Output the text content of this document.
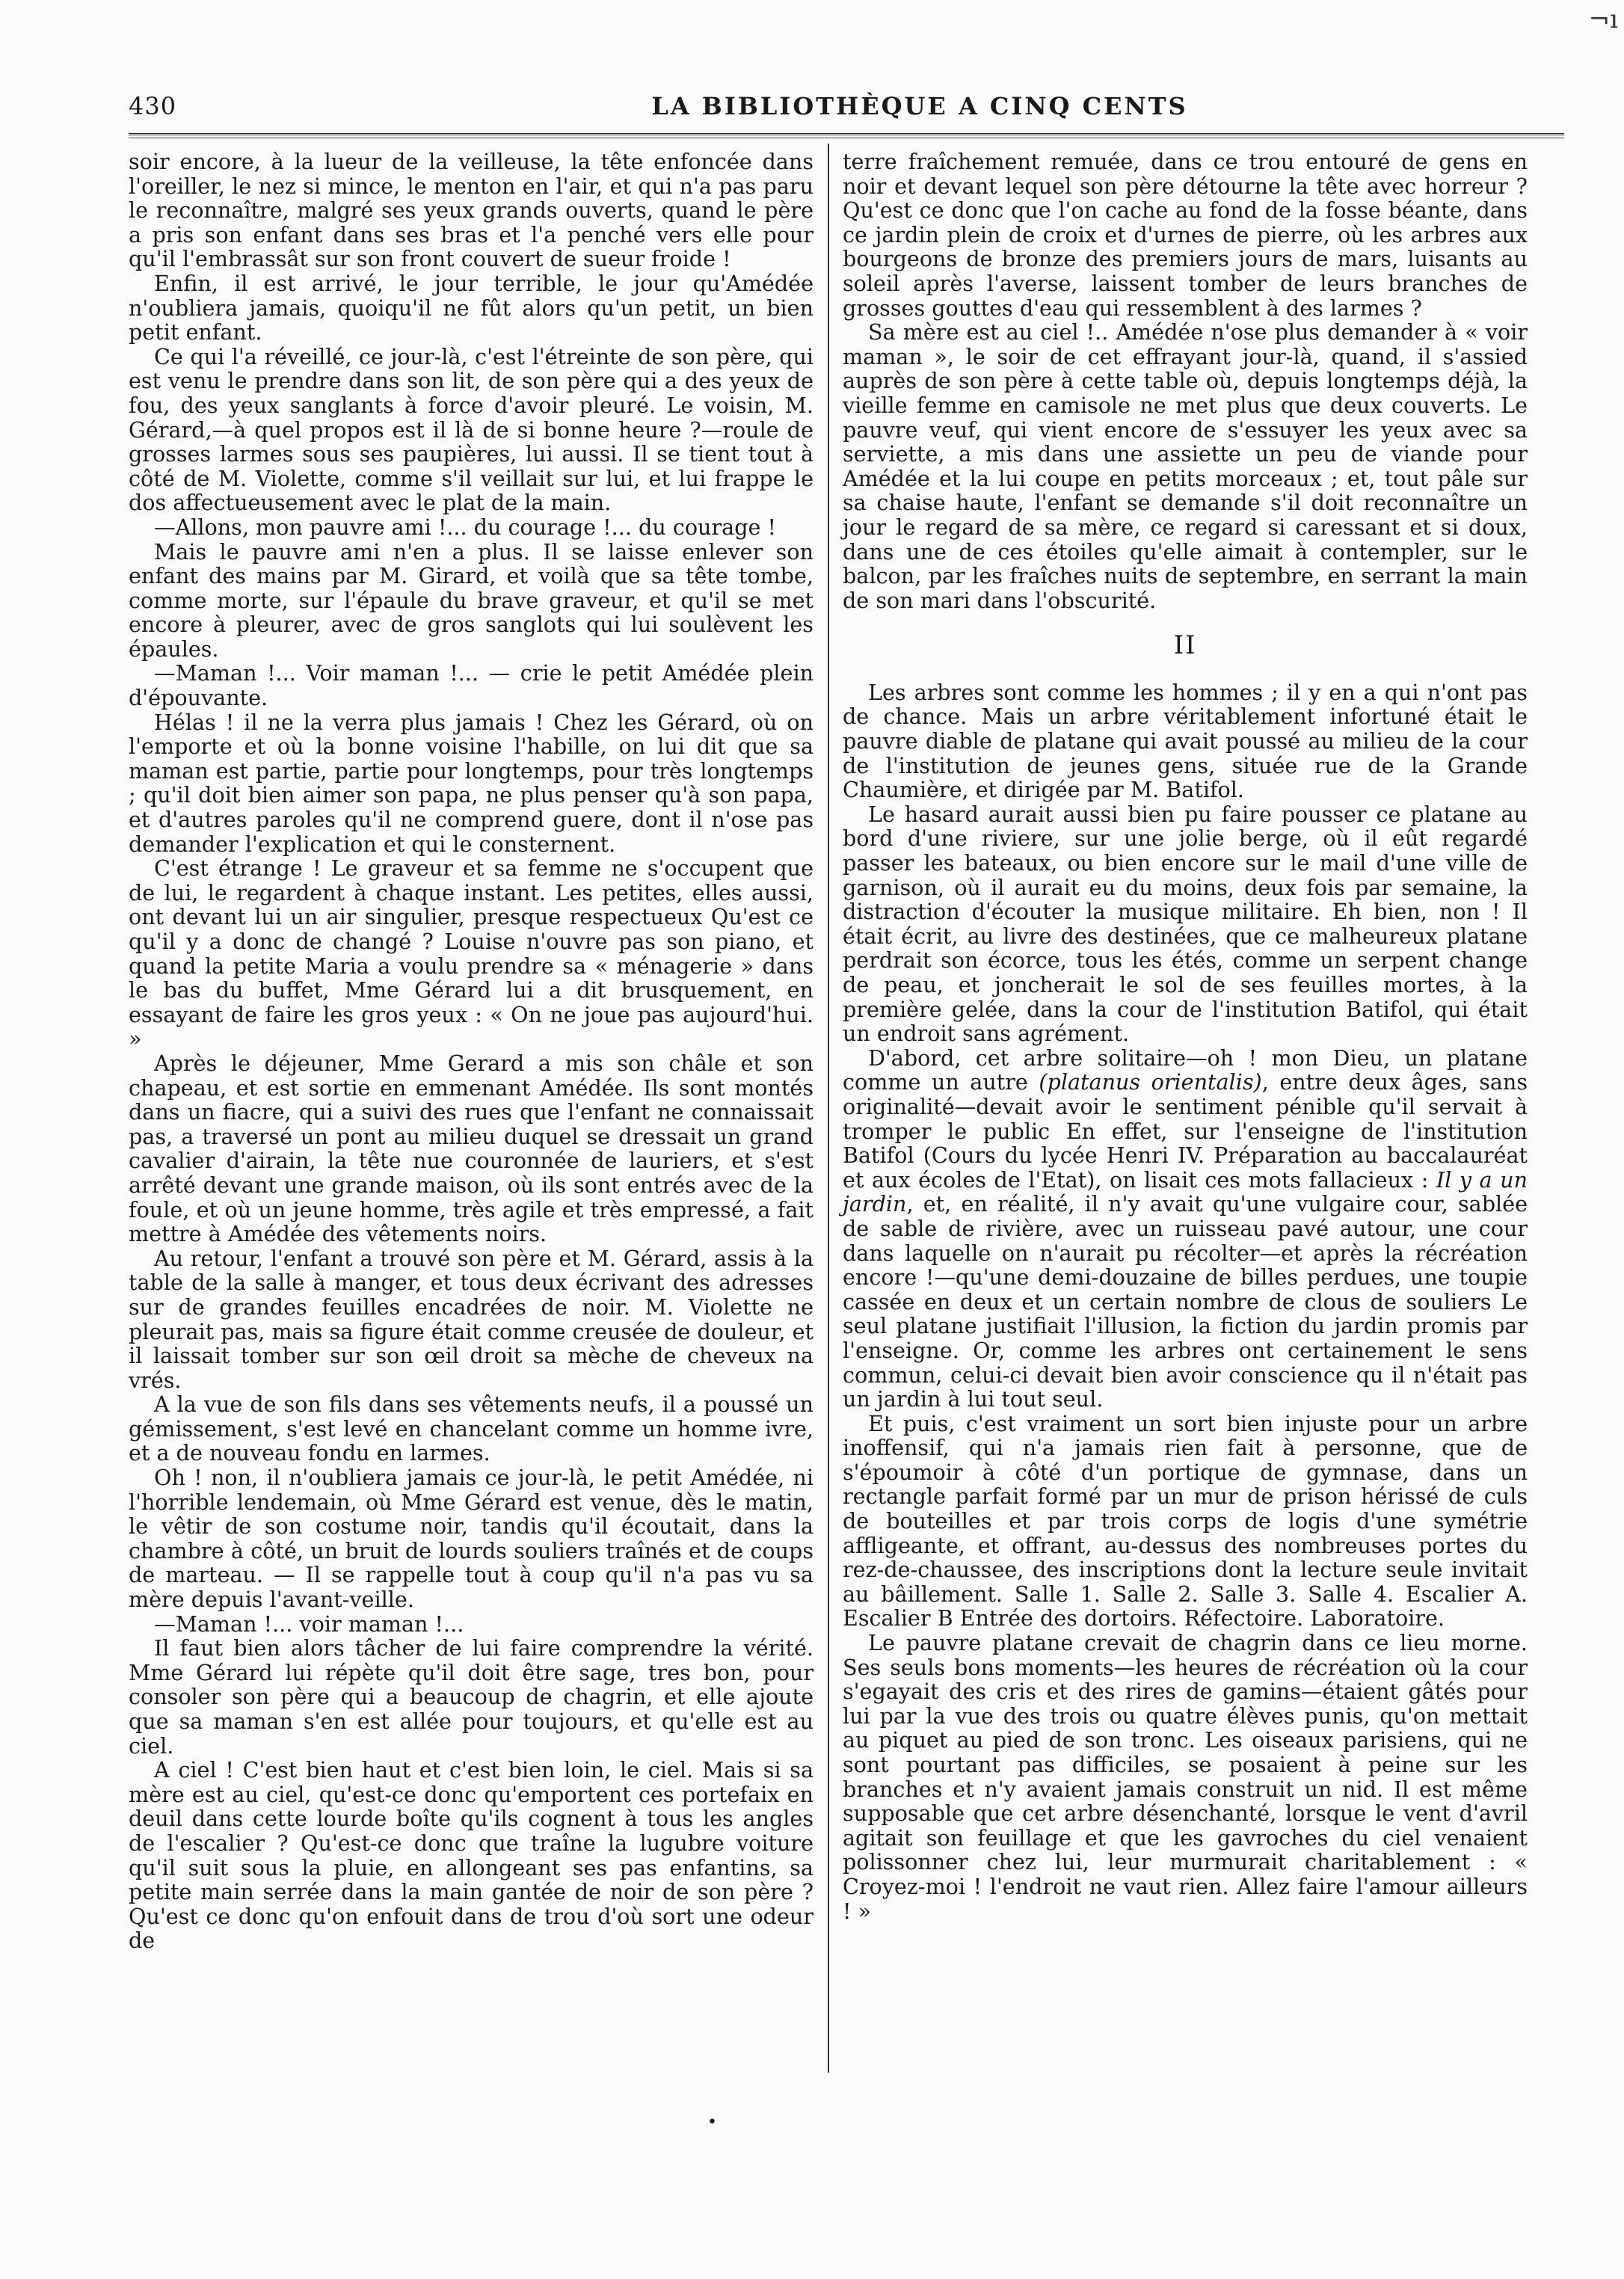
¬ı
430	LA BIBLIOTHÈQUE A CINQ CENTS

soir encore, à la lueur de la veilleuse, la tête enfoncée dans l'oreiller, le nez si mince, le menton en l'air, et qui n'a pas paru le reconnaître, malgré ses yeux grands ouverts, quand le père a pris son enfant dans ses bras et l'a penché vers elle pour qu'il l'embrassât sur son front couvert de sueur froide !

Enfin, il est arrivé, le jour terrible, le jour qu'Amédée n'oubliera jamais, quoiqu'il ne fût alors qu'un petit, un bien petit enfant.

Ce qui l'a réveillé, ce jour-là, c'est l'étreinte de son père, qui est venu le prendre dans son lit, de son père qui a des yeux de fou, des yeux sanglants à force d'avoir pleuré. Le voisin, M. Gérard,—à quel propos est il là de si bonne heure ?—roule de grosses larmes sous ses paupières, lui aussi. Il se tient tout à côté de M. Violette, comme s'il veillait sur lui, et lui frappe le dos affectueusement avec le plat de la main.

—Allons, mon pauvre ami !... du courage !... du courage !

Mais le pauvre ami n'en a plus. Il se laisse enlever son enfant des mains par M. Girard, et voilà que sa tête tombe, comme morte, sur l'épaule du brave graveur, et qu'il se met encore à pleurer, avec de gros sanglots qui lui soulèvent les épaules.

—Maman !... Voir maman !... — crie le petit Amédée plein d'épouvante.

Hélas ! il ne la verra plus jamais ! Chez les Gérard, où on l'emporte et où la bonne voisine l'habille, on lui dit que sa maman est partie, partie pour longtemps, pour très longtemps ; qu'il doit bien aimer son papa, ne plus penser qu'à son papa, et d'autres paroles qu'il ne comprend guere, dont il n'ose pas demander l'explication et qui le consternent.

C'est étrange ! Le graveur et sa femme ne s'occupent que de lui, le regardent à chaque instant. Les petites, elles aussi, ont devant lui un air singulier, presque respectueux Qu'est ce qu'il y a donc de changé ? Louise n'ouvre pas son piano, et quand la petite Maria a voulu prendre sa « ménagerie » dans le bas du buffet, Mme Gérard lui a dit brusquement, en essayant de faire les gros yeux : « On ne joue pas aujourd'hui. »

Après le déjeuner, Mme Gerard a mis son châle et son chapeau, et est sortie en emmenant Amédée. Ils sont montés dans un fiacre, qui a suivi des rues que l'enfant ne connaissait pas, a traversé un pont au milieu duquel se dressait un grand cavalier d'airain, la tête nue couronnée de lauriers, et s'est arrêté devant une grande maison, où ils sont entrés avec de la foule, et où un jeune homme, très agile et très empressé, a fait mettre à Amédée des vêtements noirs.

Au retour, l'enfant a trouvé son père et M. Gérard, assis à la table de la salle à manger, et tous deux écrivant des adresses sur de grandes feuilles encadrées de noir. M. Violette ne pleurait pas, mais sa figure était comme creusée de douleur, et il laissait tomber sur son œil droit sa mèche de cheveux na vrés.

A la vue de son fils dans ses vêtements neufs, il a poussé un gémissement, s'est levé en chancelant comme un homme ivre, et a de nouveau fondu en larmes.

Oh ! non, il n'oubliera jamais ce jour-là, le petit Amédée, ni l'horrible lendemain, où Mme Gérard est venue, dès le matin, le vêtir de son costume noir, tandis qu'il écoutait, dans la chambre à côté, un bruit de lourds souliers traînés et de coups de marteau. — Il se rappelle tout à coup qu'il n'a pas vu sa mère depuis l'avant-veille.

—Maman !... voir maman !...

Il faut bien alors tâcher de lui faire comprendre la vérité. Mme Gérard lui répète qu'il doit être sage, tres bon, pour consoler son père qui a beaucoup de chagrin, et elle ajoute que sa maman s'en est allée pour toujours, et qu'elle est au ciel.

A ciel ! C'est bien haut et c'est bien loin, le ciel. Mais si sa mère est au ciel, qu'est-ce donc qu'emportent ces portefaix en deuil dans cette lourde boîte qu'ils cognent à tous les angles de l'escalier ? Qu'est-ce donc que traîne la lugubre voiture qu'il suit sous la pluie, en allongeant ses pas enfantins, sa petite main serrée dans la main gantée de noir de son père ? Qu'est ce donc qu'on enfouit dans de trou d'où sort une odeur de

terre fraîchement remuée, dans ce trou entouré de gens en noir et devant lequel son père détourne la tête avec horreur ? Qu'est ce donc que l'on cache au fond de la fosse béante, dans ce jardin plein de croix et d'urnes de pierre, où les arbres aux bourgeons de bronze des premiers jours de mars, luisants au soleil après l'averse, laissent tomber de leurs branches de grosses gouttes d'eau qui ressemblent à des larmes ?

Sa mère est au ciel !.. Amédée n'ose plus demander à « voir maman », le soir de cet effrayant jour-là, quand, il s'assied auprès de son père à cette table où, depuis longtemps déjà, la vieille femme en camisole ne met plus que deux couverts. Le pauvre veuf, qui vient encore de s'essuyer les yeux avec sa serviette, a mis dans une assiette un peu de viande pour Amédée et la lui coupe en petits morceaux ; et, tout pâle sur sa chaise haute, l'enfant se demande s'il doit reconnaître un jour le regard de sa mère, ce regard si caressant et si doux, dans une de ces étoiles qu'elle aimait à contempler, sur le balcon, par les fraîches nuits de septembre, en serrant la main de son mari dans l'obscurité.

II

Les arbres sont comme les hommes ; il y en a qui n'ont pas de chance. Mais un arbre véritablement infortuné était le pauvre diable de platane qui avait poussé au milieu de la cour de l'institution de jeunes gens, située rue de la Grande Chaumière, et dirigée par M. Batifol.

Le hasard aurait aussi bien pu faire pousser ce platane au bord d'une riviere, sur une jolie berge, où il eût regardé passer les bateaux, ou bien encore sur le mail d'une ville de garnison, où il aurait eu du moins, deux fois par semaine, la distraction d'écouter la musique militaire. Eh bien, non ! Il était écrit, au livre des destinées, que ce malheureux platane perdrait son écorce, tous les étés, comme un serpent change de peau, et joncherait le sol de ses feuilles mortes, à la première gelée, dans la cour de l'institution Batifol, qui était un endroit sans agrément.

D'abord, cet arbre solitaire—oh ! mon Dieu, un platane comme un autre (platanus orientalis), entre deux âges, sans originalité—devait avoir le sentiment pénible qu'il servait à tromper le public En effet, sur l'enseigne de l'institution Batifol (Cours du lycée Henri IV. Préparation au baccalauréat et aux écoles de l'Etat), on lisait ces mots fallacieux : Il y a un jardin, et, en réalité, il n'y avait qu'une vulgaire cour, sablée de sable de rivière, avec un ruisseau pavé autour, une cour dans laquelle on n'aurait pu récolter—et après la récréation encore !—qu'une demi-douzaine de billes perdues, une toupie cassée en deux et un certain nombre de clous de souliers Le seul platane justifiait l'illusion, la fiction du jardin promis par l'enseigne. Or, comme les arbres ont certainement le sens commun, celui-ci devait bien avoir conscience qu il n'était pas un jardin à lui tout seul.

Et puis, c'est vraiment un sort bien injuste pour un arbre inoffensif, qui n'a jamais rien fait à personne, que de s'époumoir à côté d'un portique de gymnase, dans un rectangle parfait formé par un mur de prison hérissé de culs de bouteilles et par trois corps de logis d'une symétrie affligeante, et offrant, au-dessus des nombreuses portes du rez-de-chaussee, des inscriptions dont la lecture seule invitait au bâillement. Salle 1. Salle 2. Salle 3. Salle 4. Escalier A. Escalier B Entrée des dortoirs. Réfectoire. Laboratoire.

Le pauvre platane crevait de chagrin dans ce lieu morne. Ses seuls bons moments—les heures de récréation où la cour s'egayait des cris et des rires de gamins—étaient gâtés pour lui par la vue des trois ou quatre élèves punis, qu'on mettait au piquet au pied de son tronc. Les oiseaux parisiens, qui ne sont pourtant pas difficiles, se posaient à peine sur les branches et n'y avaient jamais construit un nid. Il est même supposable que cet arbre désenchanté, lorsque le vent d'avril agitait son feuillage et que les gavroches du ciel venaient polissonner chez lui, leur murmurait charitablement : « Croyez-moi ! l'endroit ne vaut rien. Allez faire l'amour ailleurs ! »

•
